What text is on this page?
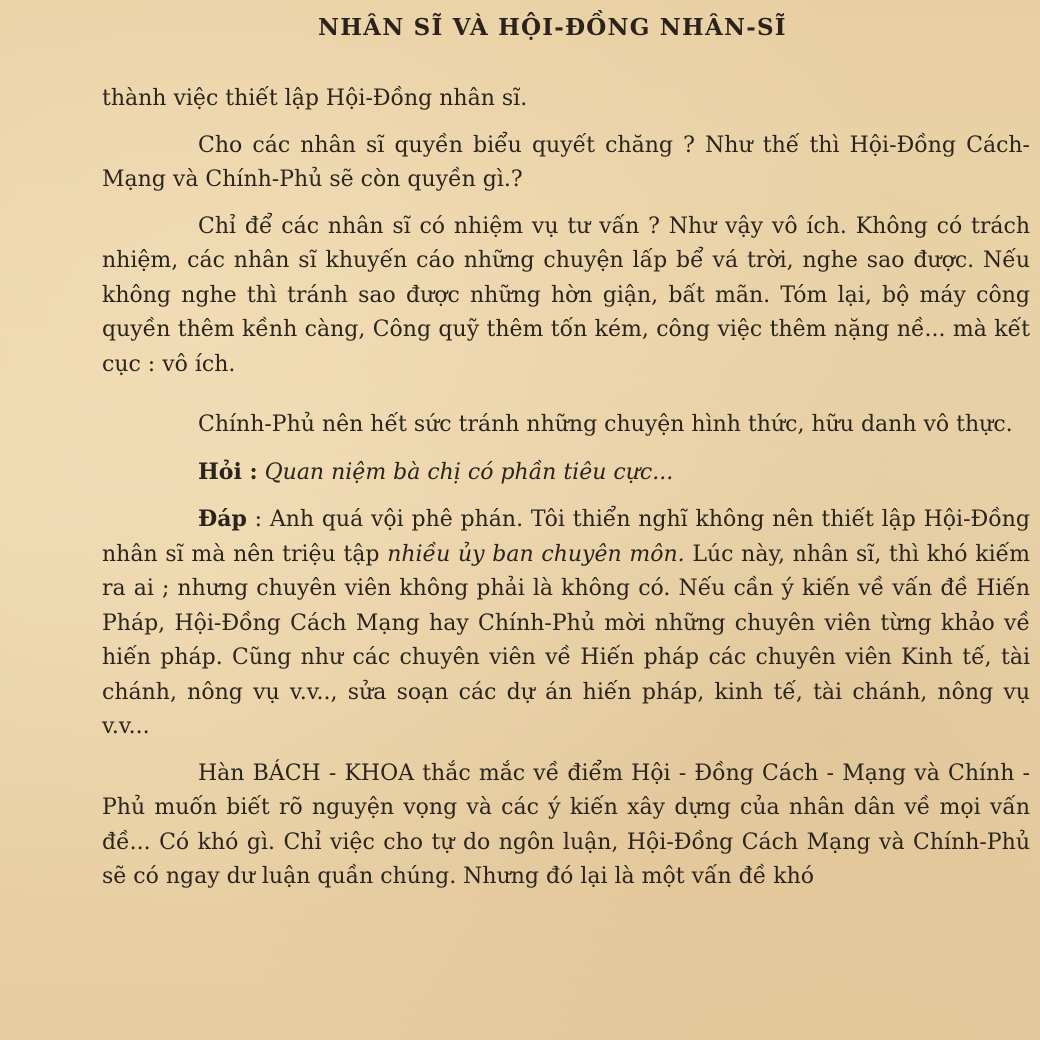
NHÂN SĨ VÀ HỘI-ĐỒNG NHÂN-SĨ

thành việc thiết lập Hội-Đồng nhân sĩ.

Cho các nhân sĩ quyền biểu quyết chăng ? Như thế thì Hội-Đồng Cách-Mạng và Chính-Phủ sẽ còn quyền gì.?

Chỉ để các nhân sĩ có nhiệm vụ tư vấn ? Như vậy vô ích. Không có trách nhiệm, các nhân sĩ khuyến cáo những chuyện lấp bể vá trời, nghe sao được. Nếu không nghe thì tránh sao được những hờn giận, bất mãn. Tóm lại, bộ máy công quyền thêm kềnh càng, Công quỹ thêm tốn kém, công việc thêm nặng nề... mà kết cục : vô ích.

Chính-Phủ nên hết sức tránh những chuyện hình thức, hữu danh vô thực.

Hỏi : Quan niệm bà chị có phần tiêu cực...

Đáp : Anh quá vội phê phán. Tôi thiển nghĩ không nên thiết lập Hội-Đồng nhân sĩ mà nên triệu tập nhiều ủy ban chuyên môn. Lúc này, nhân sĩ, thì khó kiếm ra ai ; nhưng chuyên viên không phải là không có. Nếu cần ý kiến về vấn đề Hiến Pháp, Hội-Đồng Cách Mạng hay Chính-Phủ mời những chuyên viên từng khảo về hiến pháp. Cũng như các chuyên viên về Hiến pháp các chuyên viên Kinh tế, tài chánh, nông vụ v.v.., sửa soạn các dự án hiến pháp, kinh tế, tài chánh, nông vụ v.v...

Hàn BÁCH - KHOA thắc mắc về điểm Hội - Đồng Cách - Mạng và Chính - Phủ muốn biết rõ nguyện vọng và các ý kiến xây dựng của nhân dân về mọi vấn đề... Có khó gì. Chỉ việc cho tự do ngôn luận, Hội-Đồng Cách Mạng và Chính-Phủ sẽ có ngay dư luận quần chúng. Nhưng đó lại là một vấn đề khó
